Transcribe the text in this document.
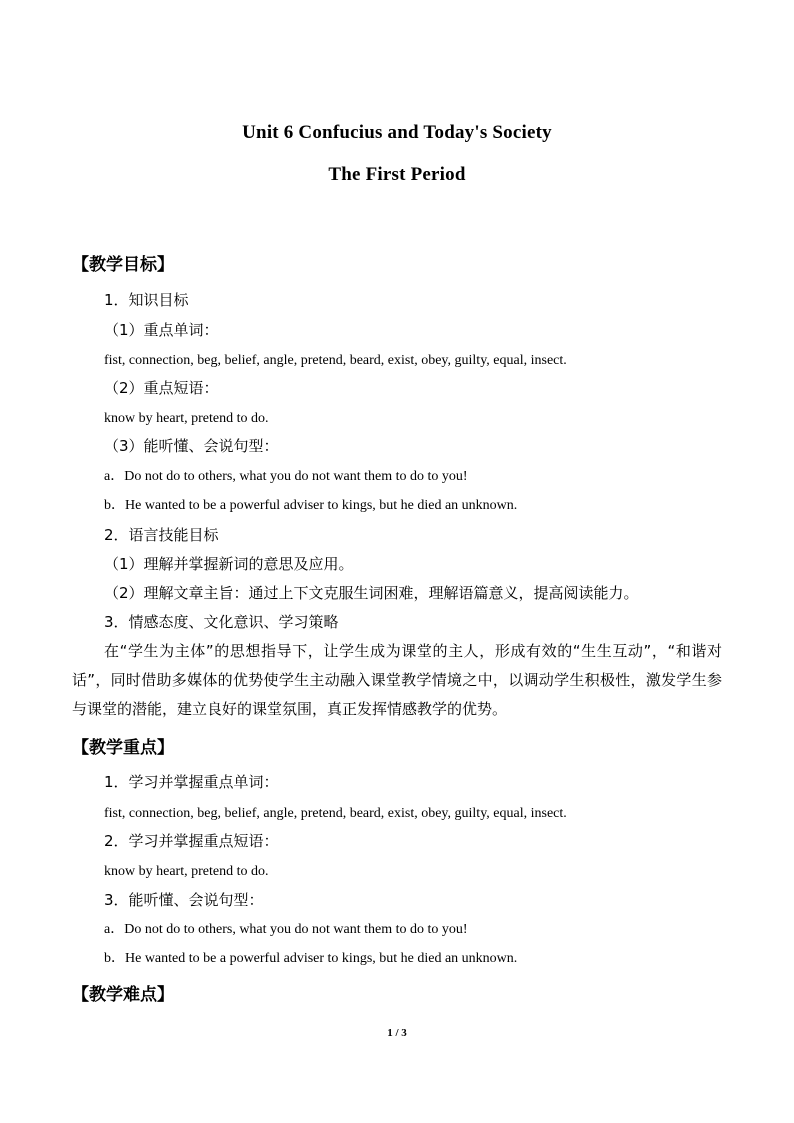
Unit 6 Confucius and Today's Society
The First Period
【教学目标】
1．知识目标
（1）重点单词：
fist, connection, beg, belief, angle, pretend, beard, exist, obey, guilty, equal, insect.
（2）重点短语：
know by heart, pretend to do.
（3）能听懂、会说句型：
a．Do not do to others, what you do not want them to do to you!
b．He wanted to be a powerful adviser to kings, but he died an unknown.
2．语言技能目标
（1）理解并掌握新词的意思及应用。
（2）理解文章主旨：通过上下文克服生词困难，理解语篇意义，提高阅读能力。
3．情感态度、文化意识、学习策略
在“学生为主体”的思想指导下，让学生成为课堂的主人，形成有效的“生生互动”，“和谐对话”，同时借助多媒体的优势使学生主动融入课堂教学情境之中，以调动学生积极性，激发学生参与课堂的潜能，建立良好的课堂氛围，真正发挥情感教学的优势。
【教学重点】
1．学习并掌握重点单词：
fist, connection, beg, belief, angle, pretend, beard, exist, obey, guilty, equal, insect.
2．学习并掌握重点短语：
know by heart, pretend to do.
3．能听懂、会说句型：
a．Do not do to others, what you do not want them to do to you!
b．He wanted to be a powerful adviser to kings, but he died an unknown.
【教学难点】
1 / 3
